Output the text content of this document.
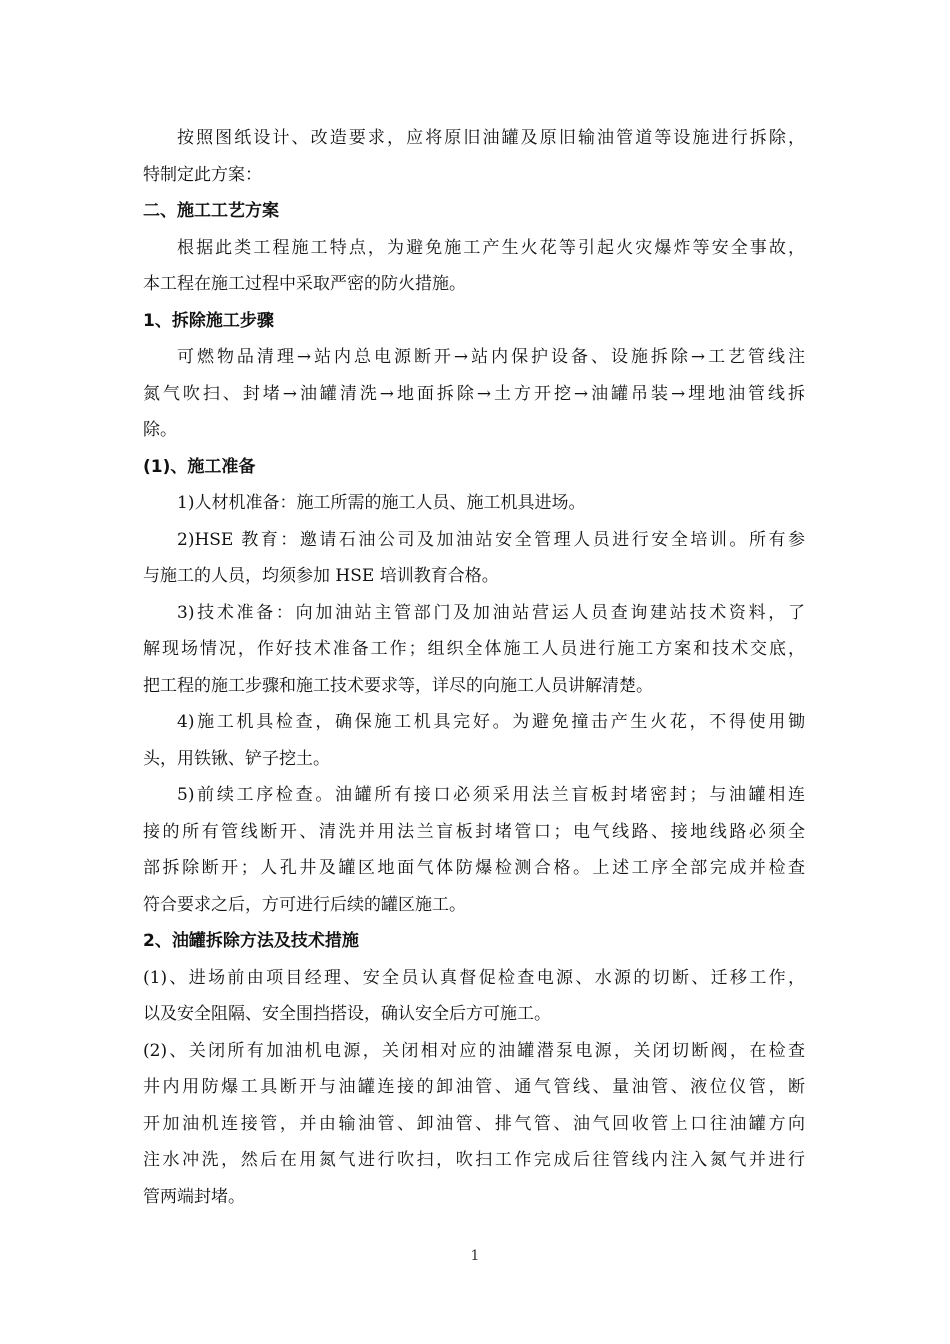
按照图纸设计、改造要求，应将原旧油罐及原旧输油管道等设施进行拆除，
特制定此方案：
二、施工工艺方案
根据此类工程施工特点，为避免施工产生火花等引起火灾爆炸等安全事故，
本工程在施工过程中采取严密的防火措施。
1、拆除施工步骤
可燃物品清理→站内总电源断开→站内保护设备、设施拆除→工艺管线注
氮气吹扫、封堵→油罐清洗→地面拆除→土方开挖→油罐吊装→埋地油管线拆
除。
(1)、施工准备
1)人材机准备：施工所需的施工人员、施工机具进场。
2)HSE 教育：邀请石油公司及加油站安全管理人员进行安全培训。所有参
与施工的人员，均须参加 HSE 培训教育合格。
3)技术准备：向加油站主管部门及加油站营运人员查询建站技术资料，了
解现场情况，作好技术准备工作；组织全体施工人员进行施工方案和技术交底，
把工程的施工步骤和施工技术要求等，详尽的向施工人员讲解清楚。
4)施工机具检查，确保施工机具完好。为避免撞击产生火花，不得使用锄
头，用铁锹、铲子挖土。
5)前续工序检查。油罐所有接口必须采用法兰盲板封堵密封；与油罐相连
接的所有管线断开、清洗并用法兰盲板封堵管口；电气线路、接地线路必须全
部拆除断开；人孔井及罐区地面气体防爆检测合格。上述工序全部完成并检查
符合要求之后，方可进行后续的罐区施工。
2、油罐拆除方法及技术措施
(1)、进场前由项目经理、安全员认真督促检查电源、水源的切断、迁移工作，
以及安全阻隔、安全围挡搭设，确认安全后方可施工。
(2)、关闭所有加油机电源，关闭相对应的油罐潜泵电源，关闭切断阀，在检查
井内用防爆工具断开与油罐连接的卸油管、通气管线、量油管、液位仪管，断
开加油机连接管，并由输油管、卸油管、排气管、油气回收管上口往油罐方向
注水冲洗，然后在用氮气进行吹扫，吹扫工作完成后往管线内注入氮气并进行
管两端封堵。
1
